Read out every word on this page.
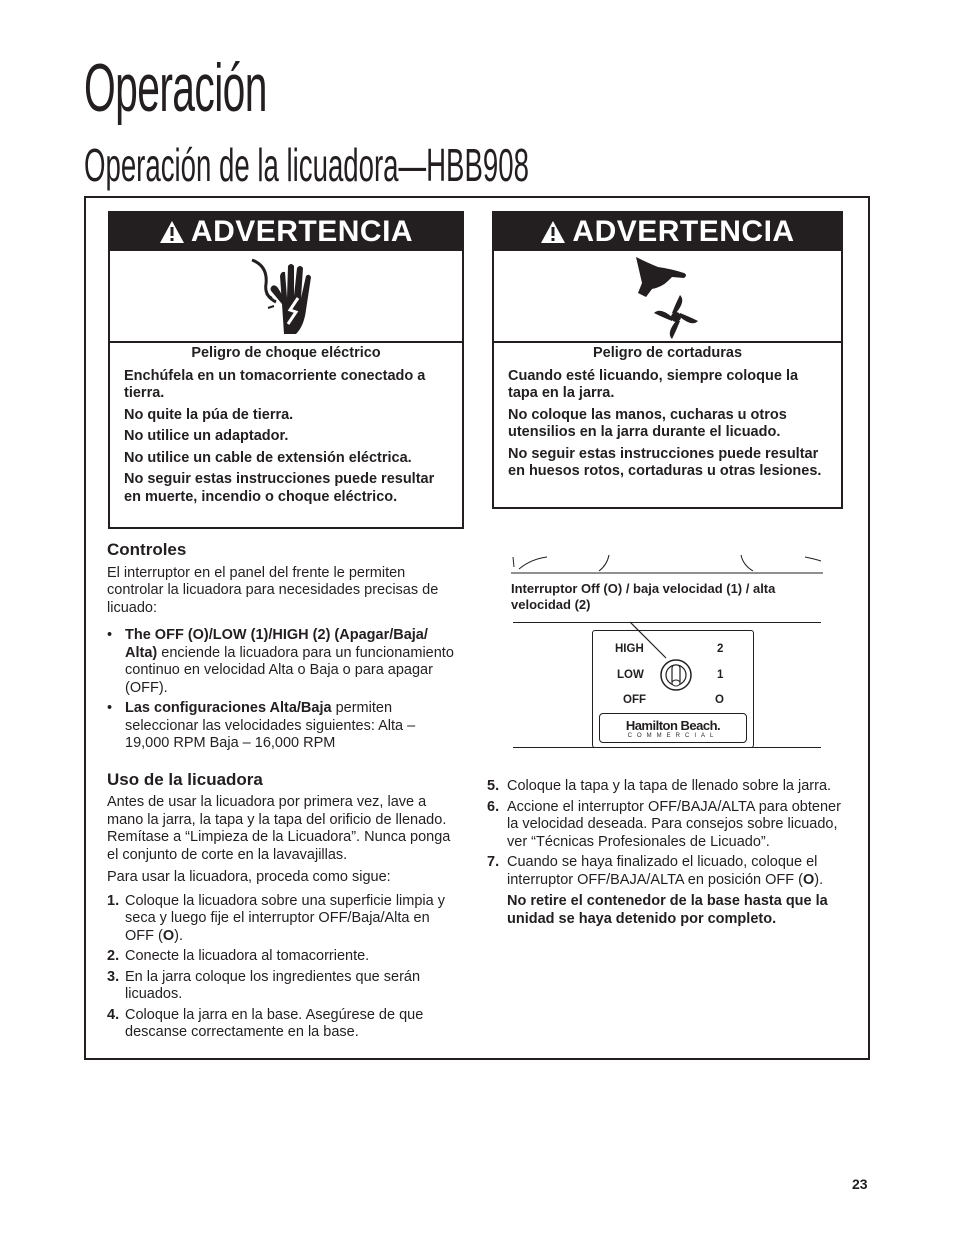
Operación
Operación de la licuadora—HBB908
ADVERTENCIA
Peligro de choque eléctrico

Enchúfela en un tomacorriente conectado a tierra.

No quite la púa de tierra.

No utilice un adaptador.

No utilice un cable de extensión eléctrica.

No seguir estas instrucciones puede resultar en muerte, incendio o choque eléctrico.

ADVERTENCIA
Peligro de cortaduras

Cuando esté licuando, siempre coloque la tapa en la jarra.

No coloque las manos, cucharas u otros utensilios en la jarra durante el licuado.

No seguir estas instrucciones puede resultar en huesos rotos, cortaduras u otras lesiones.

Controles

El interruptor en el panel del frente le permiten controlar la licuadora para necesidades precisas de licuado:

• The OFF (O)/LOW (1)/HIGH (2) (Apagar/Baja/ Alta) enciende la licuadora para un funcionamiento continuo en velocidad Alta o Baja o para apagar (OFF).
• Las configuraciones Alta/Baja permiten seleccionar las velocidades siguientes: Alta – 19,000 RPM Baja – 16,000 RPM
Uso de la licuadora

Antes de usar la licuadora por primera vez, lave a mano la jarra, la tapa y la tapa del orificio de llenado. Remítase a “Limpieza de la Licuadora”. Nunca ponga el conjunto de corte en la lavavajillas.

Para usar la licuadora, proceda como sigue:

1. Coloque la licuadora sobre una superficie limpia y seca y luego fije el interruptor OFF/Baja/Alta en OFF (O).
2. Conecte la licuadora al tomacorriente.
3. En la jarra coloque los ingredientes que serán licuados.
4. Coloque la jarra en la base. Asegúrese de que descanse correctamente en la base.
Interruptor Off (O) / baja velocidad (1) / alta velocidad (2)
HIGH
LOW
OFF
2
1
O
Hamilton Beach.
COMMERCIAL
5. Coloque la tapa y la tapa de llenado sobre la jarra.
6. Accione el interruptor OFF/BAJA/ALTA para obtener la velocidad deseada. Para consejos sobre licuado, ver “Técnicas Profesionales de Licuado”.
7. Cuando se haya finalizado el licuado, coloque el interruptor OFF/BAJA/ALTA en posición OFF (O).

No retire el contenedor de la base hasta que la unidad se haya detenido por completo.

23
